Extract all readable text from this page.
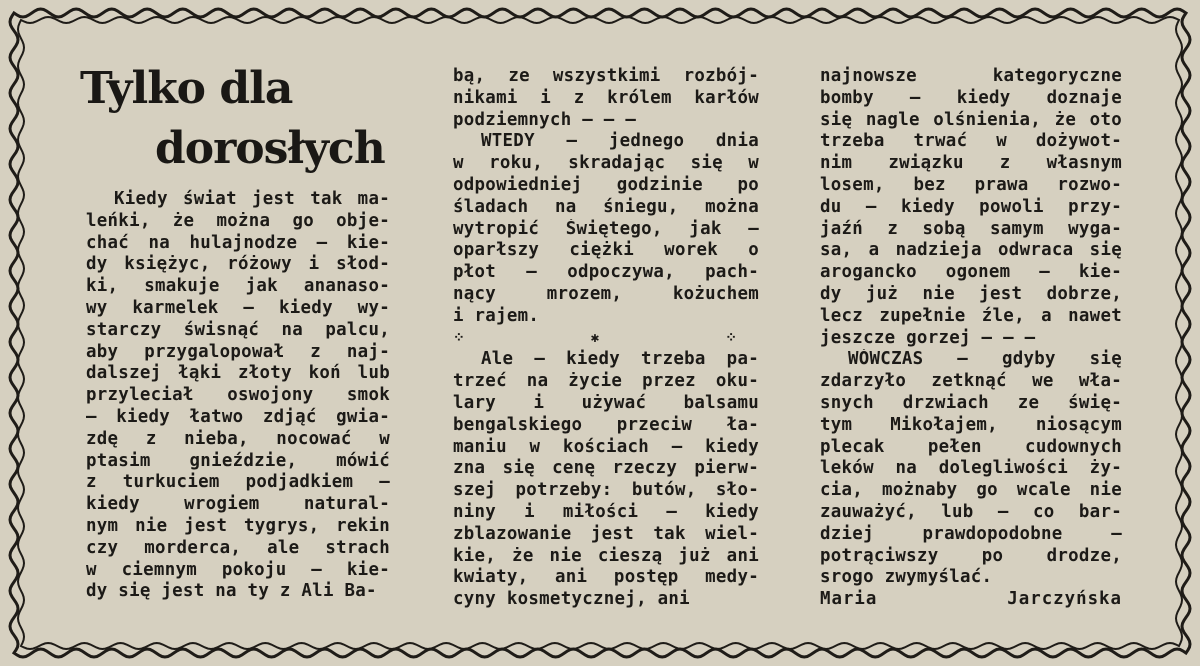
Tylko dla
dorosłych
Kiedy świat jest tak ma-
leńki, że można go obje-
chać na hulajnodze — kie-
dy księżyc, różowy i słod-
ki, smakuje jak ananaso-
wy karmelek — kiedy wy-
starczy świsnąć na palcu,
aby przygalopował z naj-
dalszej łąki złoty koń lub
przyleciał oswojony smok
— kiedy łatwo zdjąć gwia-
zdę z nieba, nocować w
ptasim gnieździe, mówić
z turkuciem podjadkiem —
kiedy wrogiem natural-
nym nie jest tygrys, rekin
czy morderca, ale strach
w ciemnym pokoju — kie-
dy się jest na ty z Ali Ba-
bą, ze wszystkimi rozbój-
nikami i z królem karłów
podziemnych — — —
WTEDY — jednego dnia
w roku, skradając się w
odpowiedniej godzinie po
śladach na śniegu, można
wytropić Świętego, jak —
oparłszy ciężki worek o
płot — odpoczywa, pach-
nący mrozem, kożuchem
i rajem.
⁘ ✱ ⁘
Ale — kiedy trzeba pa-
trzeć na życie przez oku-
lary i używać balsamu
bengalskiego przeciw ła-
maniu w kościach — kiedy
zna się cenę rzeczy pierw-
szej potrzeby: butów, sło-
niny i miłości — kiedy
zblazowanie jest tak wiel-
kie, że nie cieszą już ani
kwiaty, ani postęp medy-
cyny kosmetycznej, ani
najnowsze kategoryczne
bomby — kiedy doznaje
się nagle olśnienia, że oto
trzeba trwać w dożywot-
nim związku z własnym
losem, bez prawa rozwo-
du — kiedy powoli przy-
jaźń z sobą samym wyga-
sa, a nadzieja odwraca się
arogancko ogonem — kie-
dy już nie jest dobrze,
lecz zupełnie źle, a nawet
jeszcze gorzej — — —
WÓWCZAS — gdyby się
zdarzyło zetknąć we wła-
snych drzwiach ze świę-
tym Mikołajem, niosącym
plecak pełen cudownych
leków na dolegliwości ży-
cia, możnaby go wcale nie
zauważyć, lub — co bar-
dziej prawdopodobne —
potrąciwszy po drodze,
srogo zwymyślać.
Maria Jarczyńska
